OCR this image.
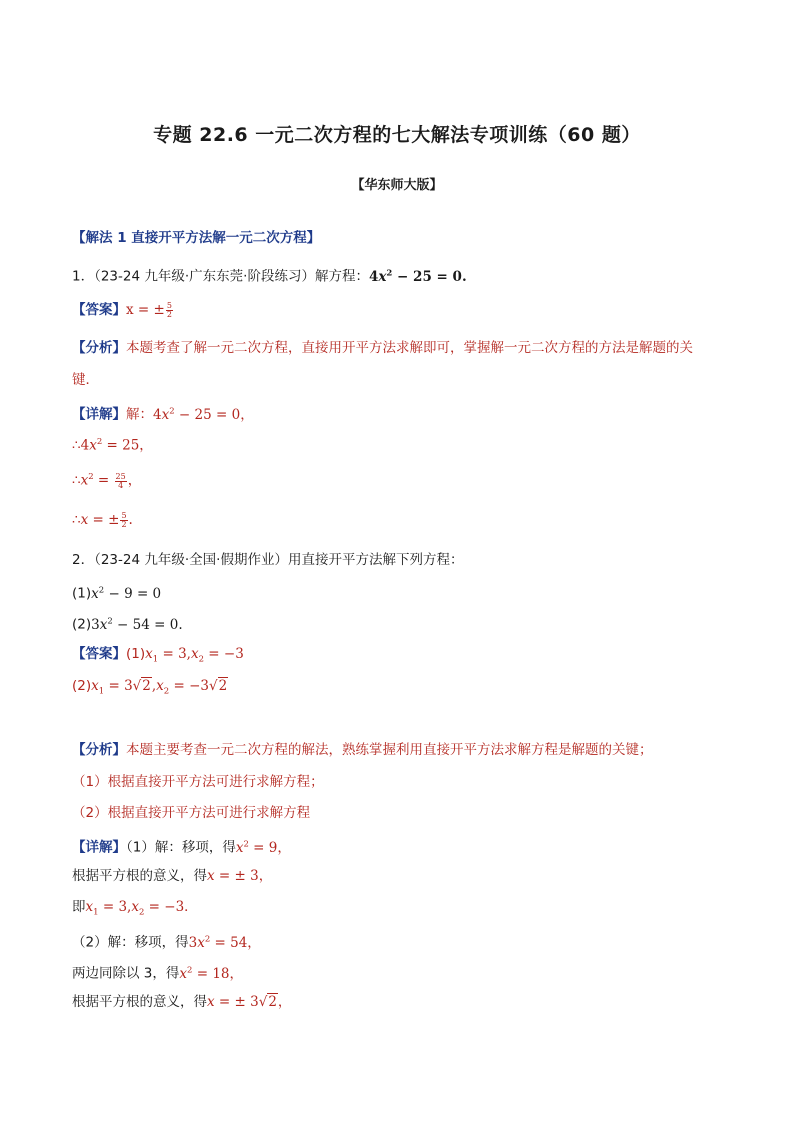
专题 22.6 一元二次方程的七大解法专项训练（60 题）
【华东师大版】
【解法 1 直接开平方法解一元二次方程】
1．（23-24 九年级·广东东莞·阶段练习）解方程：$4x^2 - 25 = 0$.
【答案】x = ± $\frac{5}{2}$
【分析】本题考查了解一元二次方程，直接用开平方法求解即可，掌握解一元二次方程的方法是解题的关
键．
【详解】解：$4x^2 - 25 = 0$，
$\therefore 4x^2 = 25$，
$\therefore x^2 = \frac{25}{4}$ ，
∴x = ± $\frac{5}{2}$ .
2．（23-24 九年级·全国·假期作业）用直接开平方法解下列方程：
$(1)x^2 - 9 = 0$
$(2)3x^2 - 54 = 0$.
【答案】$(1)x_1 = 3,x_2 = -3$
$(2)x_1 = 3√2,x_2 = -3√2$
【分析】本题主要考查一元二次方程的解法，熟练掌握利用直接开平方法求解方程是解题的关键；
（1）根据直接开平方法可进行求解方程；
（2）根据直接开平方法可进行求解方程
【详解】（1）解：移项，得$x^2 = 9$，
根据平方根的意义，得x = ± 3，
即$x_1 = 3,x_2 = -3$．
（2）解：移项，得$3x^2 = 54$，
两边同除以 3，得$x^2 = 18$，
根据平方根的意义，得x = ± 3√2，
